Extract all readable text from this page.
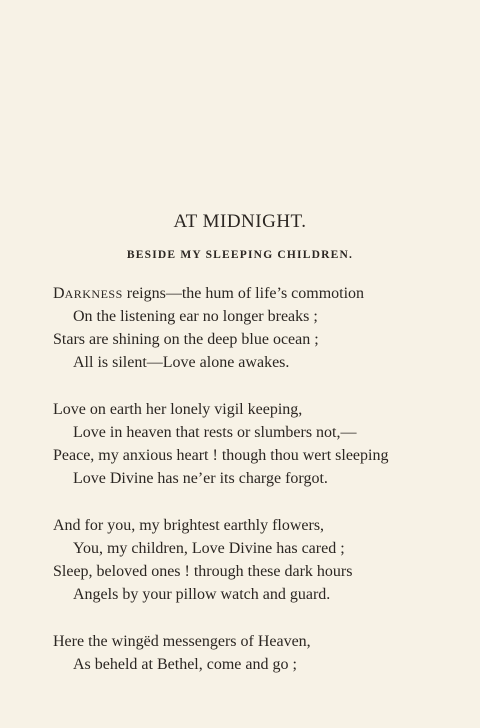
AT MIDNIGHT.
BESIDE MY SLEEPING CHILDREN.

DARKNESS reigns—the hum of life’s commotion

On the listening ear no longer breaks ;

Stars are shining on the deep blue ocean ;

All is silent—Love alone awakes.

Love on earth her lonely vigil keeping,

Love in heaven that rests or slumbers not,—

Peace, my anxious heart ! though thou wert sleeping

Love Divine has ne’er its charge forgot.

And for you, my brightest earthly flowers,

You, my children, Love Divine has cared ;

Sleep, beloved ones ! through these dark hours

Angels by your pillow watch and guard.

Here the wingëd messengers of Heaven,

As beheld at Bethel, come and go ;
